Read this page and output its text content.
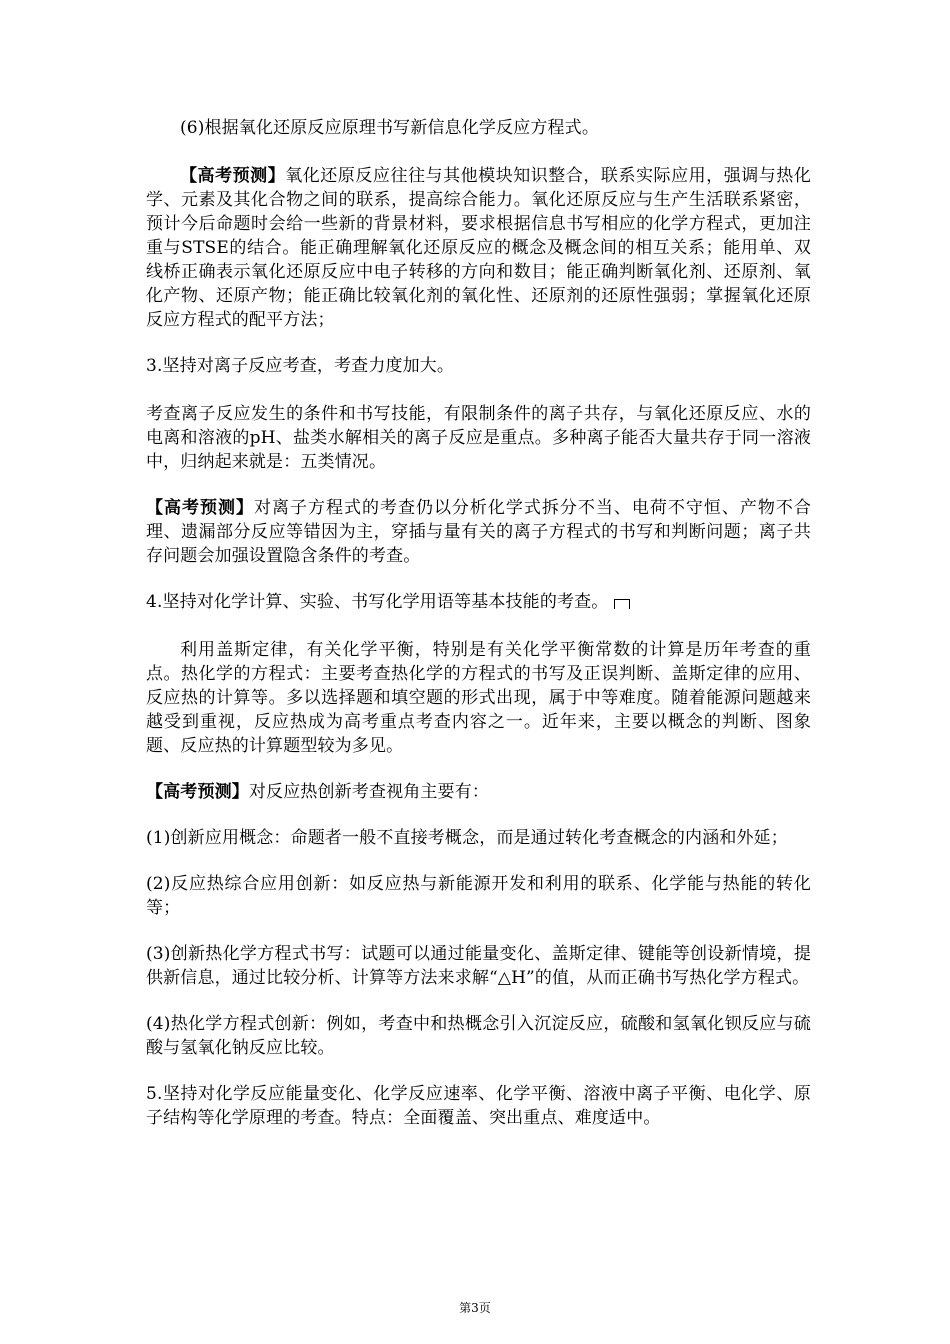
(6)根据氧化还原反应原理书写新信息化学反应方程式。

【高考预测】氧化还原反应往往与其他模块知识整合，联系实际应用，强调与热化学、元素及其化合物之间的联系，提高综合能力。氧化还原反应与生产生活联系紧密，预计今后命题时会给一些新的背景材料，要求根据信息书写相应的化学方程式，更加注重与STSE的结合。能正确理解氧化还原反应的概念及概念间的相互关系；能用单、双线桥正确表示氧化还原反应中电子转移的方向和数目；能正确判断氧化剂、还原剂、氧化产物、还原产物；能正确比较氧化剂的氧化性、还原剂的还原性强弱；掌握氧化还原反应方程式的配平方法；

3.坚持对离子反应考查，考查力度加大。

考查离子反应发生的条件和书写技能，有限制条件的离子共存，与氧化还原反应、水的电离和溶液的pH、盐类水解相关的离子反应是重点。多种离子能否大量共存于同一溶液中，归纳起来就是：五类情况。

【高考预测】对离子方程式的考查仍以分析化学式拆分不当、电荷不守恒、产物不合理、遗漏部分反应等错因为主，穿插与量有关的离子方程式的书写和判断问题；离子共存问题会加强设置隐含条件的考查。

4.坚持对化学计算、实验、书写化学用语等基本技能的考查。

利用盖斯定律，有关化学平衡，特别是有关化学平衡常数的计算是历年考查的重点。热化学的方程式：主要考查热化学的方程式的书写及正误判断、盖斯定律的应用、反应热的计算等。多以选择题和填空题的形式出现，属于中等难度。随着能源问题越来越受到重视，反应热成为高考重点考查内容之一。近年来，主要以概念的判断、图象题、反应热的计算题型较为多见。

【高考预测】对反应热创新考查视角主要有：

(1)创新应用概念：命题者一般不直接考概念，而是通过转化考查概念的内涵和外延；

(2)反应热综合应用创新：如反应热与新能源开发和利用的联系、化学能与热能的转化等；

(3)创新热化学方程式书写：试题可以通过能量变化、盖斯定律、键能等创设新情境，提供新信息，通过比较分析、计算等方法来求解“△H”的值，从而正确书写热化学方程式。

(4)热化学方程式创新：例如，考查中和热概念引入沉淀反应，硫酸和氢氧化钡反应与硫酸与氢氧化钠反应比较。

5.坚持对化学反应能量变化、化学反应速率、化学平衡、溶液中离子平衡、电化学、原子结构等化学原理的考查。特点：全面覆盖、突出重点、难度适中。

第3页
